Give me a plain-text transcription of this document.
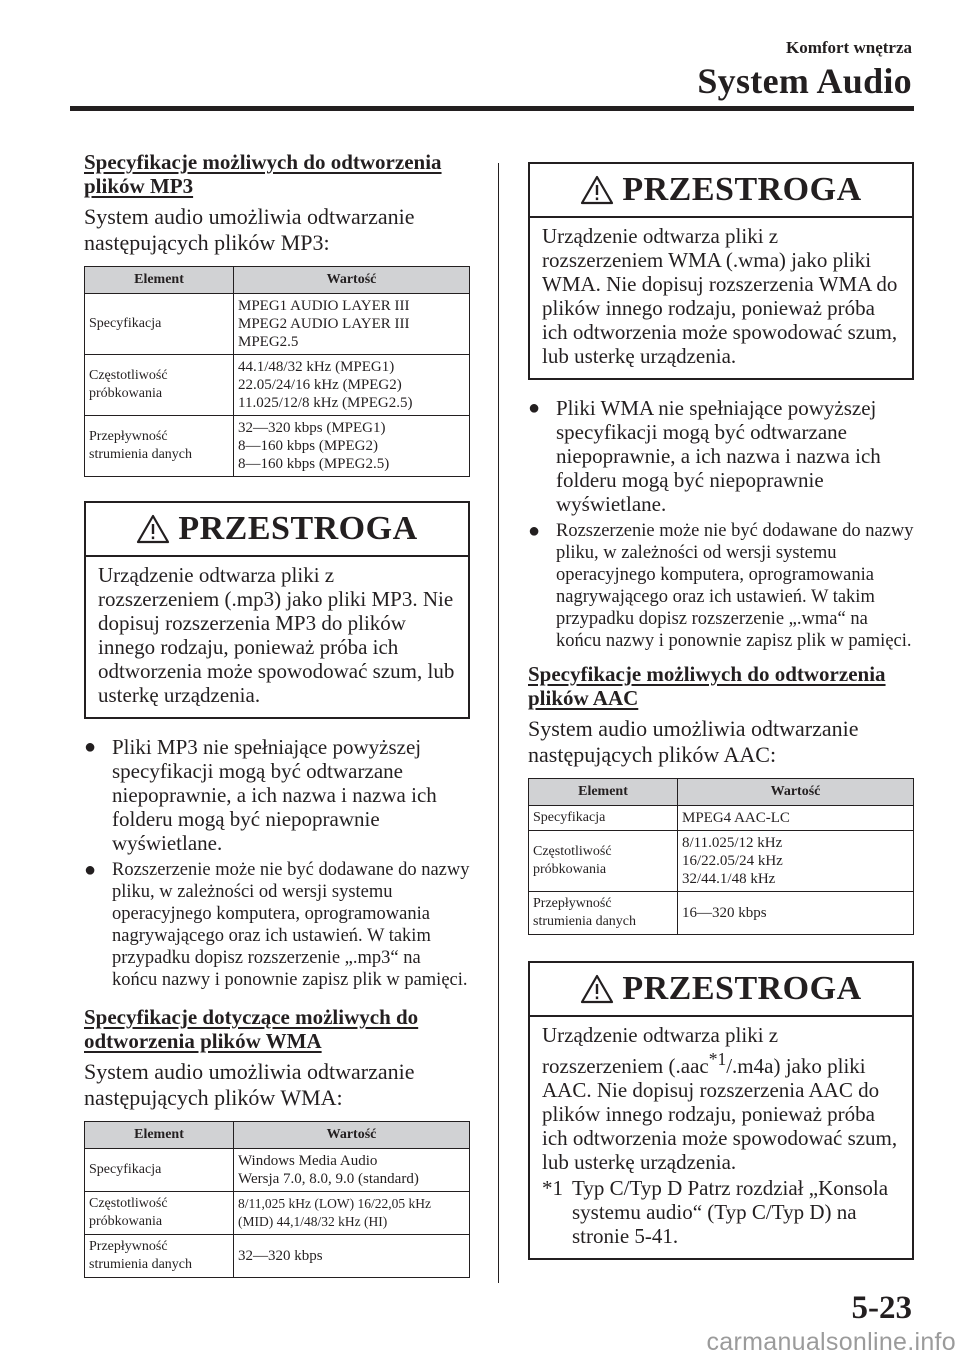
Komfort wnętrza
System Audio

Specyfikacje możliwych do odtworzenia plików MP3

System audio umożliwia odtwarzanie następujących plików MP3:

Element	Wartość

Specyfikacja	MPEG1 AUDIO LAYER III
MPEG2 AUDIO LAYER III
MPEG2.5

Częstotliwość
próbkowania	44.1/48/32 kHz (MPEG1)
22.05/24/16 kHz (MPEG2)
11.025/12/8 kHz (MPEG2.5)

Przepływność
strumienia danych	32—320 kbps (MPEG1)
8—160 kbps (MPEG2)
8—160 kbps (MPEG2.5)
PRZESTROGA

Urządzenie odtwarza pliki z rozszerzeniem (.mp3) jako pliki MP3. Nie dopisuj rozszerzenia MP3 do plików innego rodzaju, ponieważ próba ich odtworzenia może spowodować szum, lub usterkę urządzenia.

● Pliki MP3 nie spełniające powyższej specyfikacji mogą być odtwarzane niepoprawnie, a ich nazwa i nazwa ich folderu mogą być niepoprawnie wyświetlane.
● Rozszerzenie może nie być dodawane do nazwy pliku, w zależności od wersji systemu operacyjnego komputera, oprogramowania nagrywającego oraz ich ustawień. W takim przypadku dopisz rozszerzenie „.mp3“ na końcu nazwy i ponownie zapisz plik w pamięci.

Specyfikacje dotyczące możliwych do odtworzenia plików WMA

System audio umożliwia odtwarzanie następujących plików WMA:

Element	Wartość

Specyfikacja	Windows Media Audio
Wersja 7.0, 8.0, 9.0 (standard)

Częstotliwość
próbkowania	8/11,025 kHz (LOW) 16/22,05 kHz
(MID) 44,1/48/32 kHz (HI)

Przepływność
strumienia danych	32—320 kbps
PRZESTROGA

Urządzenie odtwarza pliki z rozszerzeniem WMA (.wma) jako pliki WMA. Nie dopisuj rozszerzenia WMA do plików innego rodzaju, ponieważ próba ich odtworzenia może spowodować szum, lub usterkę urządzenia.

● Pliki WMA nie spełniające powyższej specyfikacji mogą być odtwarzane niepoprawnie, a ich nazwa i nazwa ich folderu mogą być niepoprawnie wyświetlane.
● Rozszerzenie może nie być dodawane do nazwy pliku, w zależności od wersji systemu operacyjnego komputera, oprogramowania nagrywającego oraz ich ustawień. W takim przypadku dopisz rozszerzenie „.wma“ na końcu nazwy i ponownie zapisz plik w pamięci.

Specyfikacje możliwych do odtworzenia plików AAC

System audio umożliwia odtwarzanie następujących plików AAC:

Element	Wartość

Specyfikacja	MPEG4 AAC-LC

Częstotliwość
próbkowania	8/11.025/12 kHz
16/22.05/24 kHz
32/44.1/48 kHz

Przepływność
strumienia danych	16—320 kbps
PRZESTROGA

Urządzenie odtwarza pliki z rozszerzeniem (.aac$^{*1}$/.m4a) jako pliki AAC. Nie dopisuj rozszerzenia AAC do plików innego rodzaju, ponieważ próba ich odtworzenia może spowodować szum, lub usterkę urządzenia.

*1 Typ C/Typ D Patrz rozdział „Konsola systemu audio“ (Typ C/Typ D) na stronie 5-41.
5-23
carmanualsonline.info
